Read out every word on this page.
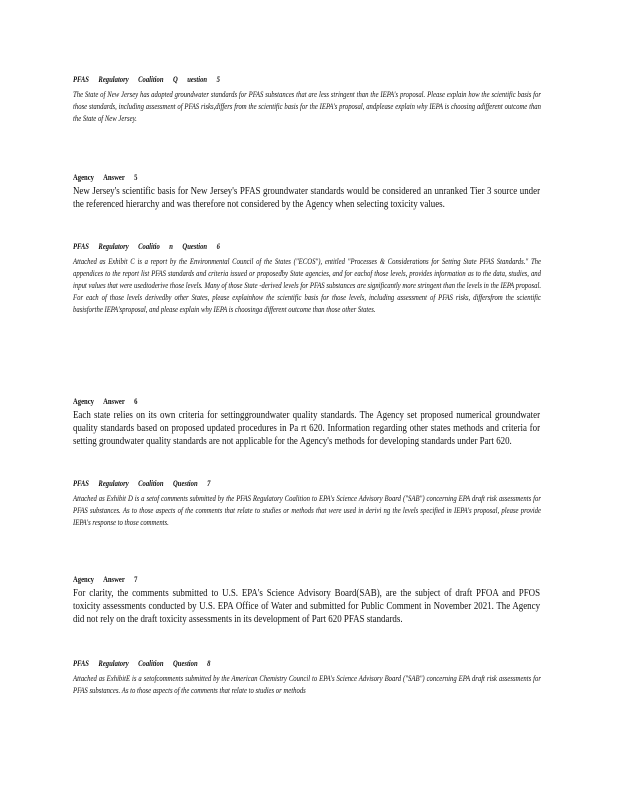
PFAS Regulatory Coalition Q uestion 5
The State of New Jersey has adopted groundwater standards for PFAS substances that are less stringent than the IEPA's proposal. Please explain how the scientific basis for those standards, including assessment of PFAS risks,differs from the scientific basis for the IEPA's proposal, andplease explain why IEPA is choosing adifferent outcome than the State of New Jersey.
Agency Answer 5
New Jersey's scientific basis for New Jersey's PFAS groundwater standards would be considered an unranked Tier 3 source under the referenced hierarchy and was therefore not considered by the Agency when selecting toxicity values.
PFAS Regulatory Coalitio n Question 6
Attached as Exhibit C is a report by the Environmental Council of the States ("ECOS"), entitled "Processes & Considerations for Setting State PFAS Standards." The appendices to the report list PFAS standards and criteria issued or proposedby State agencies, and for eachof those levels, provides information as to the data, studies, and input values that were usedtoderive those levels. Many of those State -derived levels for PFAS substances are significantly more stringent than the levels in the IEPA proposal. For each of those levels derivedby other States, please explainhow the scientific basis for those levels, including assessment of PFAS risks, differsfrom the scientific basisforthe IEPA'sproposal, and please explain why IEPA is choosinga different outcome than those other States.
Agency Answer 6
Each state relies on its own criteria for settinggroundwater quality standards. The Agency set proposed numerical groundwater quality standards based on proposed updated procedures in Pa rt 620. Information regarding other states methods and criteria for setting groundwater quality standards are not applicable for the Agency's methods for developing standards under Part 620.
PFAS Regulatory Coalition Question 7
Attached as Exhibit D is a setof comments submitted by the PFAS Regulatory Coalition to EPA's Science Advisory Board ("SAB") concerning EPA draft risk assessments for PFAS substances. As to those aspects of the comments that relate to studies or methods that were used in derivi ng the levels specified in IEPA's proposal, please provide IEPA's response to those comments.
Agency Answer 7
For clarity, the comments submitted to U.S. EPA's Science Advisory Board(SAB), are the subject of draft PFOA and PFOS toxicity assessments conducted by U.S. EPA Office of Water and submitted for Public Comment in November 2021. The Agency did not rely on the draft toxicity assessments in its development of Part 620 PFAS standards.
PFAS Regulatory Coalition Question 8
Attached as ExhibitE is a setofcomments submitted by the American Chemistry Council to EPA's Science Advisory Board ("SAB") concerning EPA draft risk assessments for PFAS substances. As to those aspects of the comments that relate to studies or methods
